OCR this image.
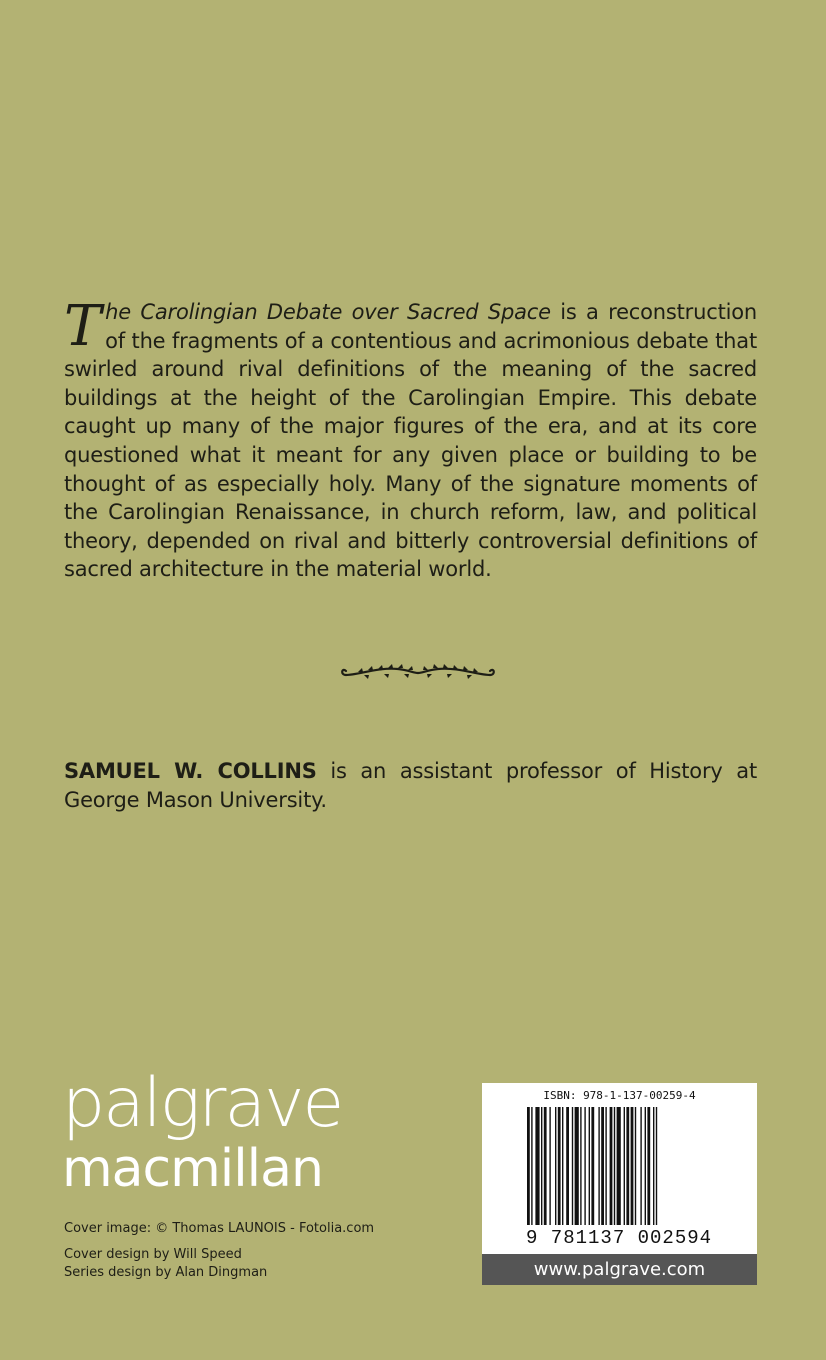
The Carolingian Debate over Sacred Space is a reconstruction of the fragments of a contentious and acrimonious debate that swirled around rival definitions of the meaning of the sacred buildings at the height of the Carolingian Empire. This debate caught up many of the major figures of the era, and at its core questioned what it meant for any given place or building to be thought of as especially holy. Many of the signature moments of the Carolingian Renaissance, in church reform, law, and political theory, depended on rival and bitterly controversial definitions of sacred architecture in the material world.
SAMUEL W. COLLINS is an assistant professor of History at George Mason University.
palgrave
macmillan
Cover image: © Thomas LAUNOIS - Fotolia.com
Cover design by Will Speed
Series design by Alan Dingman
ISBN: 978-1-137-00259-4
9 781137 002594
www.palgrave.com
